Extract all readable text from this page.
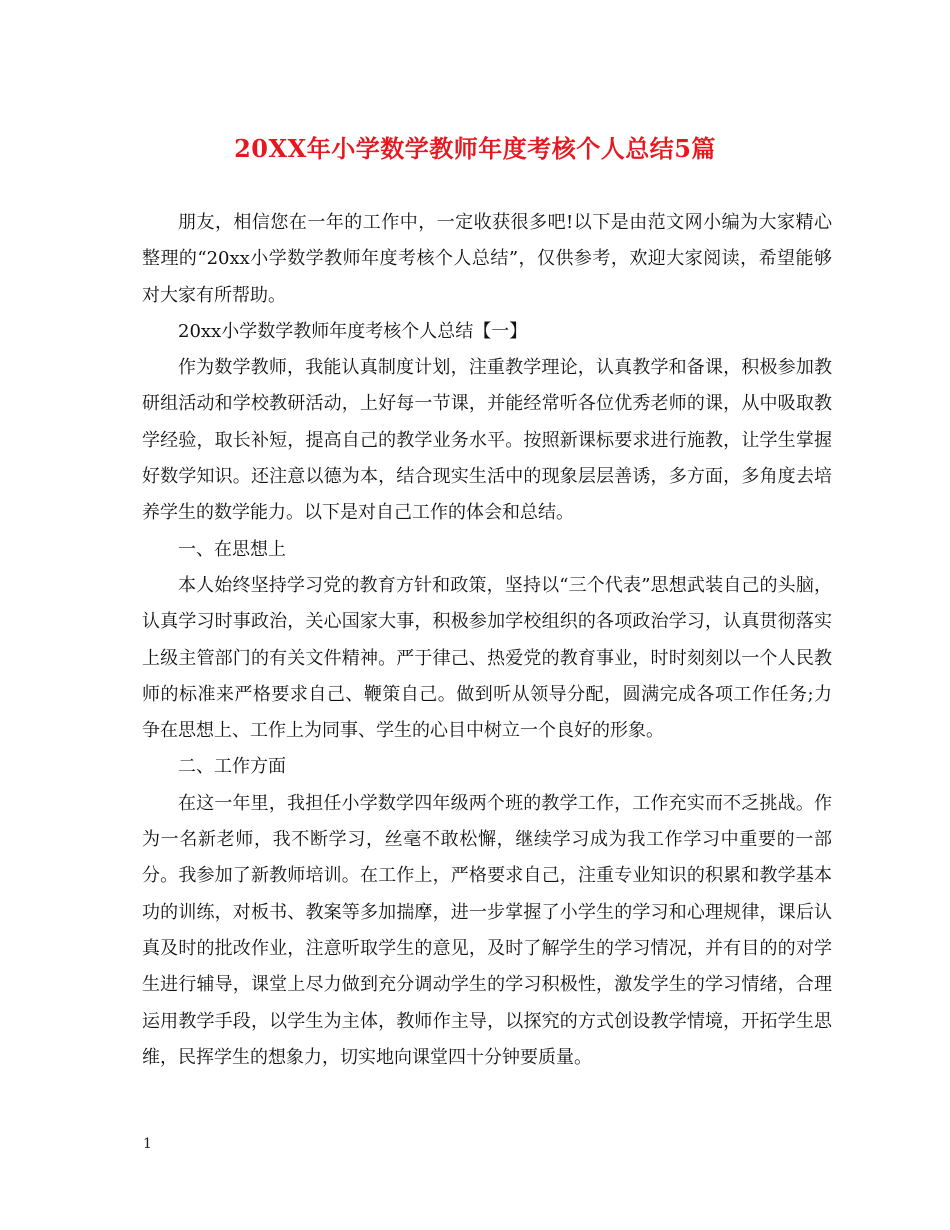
20XX年小学数学教师年度考核个人总结5篇

朋友，相信您在一年的工作中，一定收获很多吧!以下是由范文网小编为大家精心整理的“20xx小学数学教师年度考核个人总结”，仅供参考，欢迎大家阅读，希望能够对大家有所帮助。

20xx小学数学教师年度考核个人总结【一】

作为数学教师，我能认真制度计划，注重教学理论，认真教学和备课，积极参加教研组活动和学校教研活动，上好每一节课，并能经常听各位优秀老师的课，从中吸取教学经验，取长补短，提高自己的教学业务水平。按照新课标要求进行施教，让学生掌握好数学知识。还注意以德为本，结合现实生活中的现象层层善诱，多方面，多角度去培养学生的数学能力。以下是对自己工作的体会和总结。

一、在思想上

本人始终坚持学习党的教育方针和政策，坚持以“三个代表”思想武装自己的头脑，认真学习时事政治，关心国家大事，积极参加学校组织的各项政治学习，认真贯彻落实上级主管部门的有关文件精神。严于律己、热爱党的教育事业，时时刻刻以一个人民教师的标准来严格要求自己、鞭策自己。做到听从领导分配，圆满完成各项工作任务;力争在思想上、工作上为同事、学生的心目中树立一个良好的形象。

二、工作方面

在这一年里，我担任小学数学四年级两个班的教学工作，工作充实而不乏挑战。作为一名新老师，我不断学习，丝毫不敢松懈，继续学习成为我工作学习中重要的一部分。我参加了新教师培训。在工作上，严格要求自己，注重专业知识的积累和教学基本功的训练，对板书、教案等多加揣摩，进一步掌握了小学生的学习和心理规律，课后认真及时的批改作业，注意听取学生的意见，及时了解学生的学习情况，并有目的的对学生进行辅导，课堂上尽力做到充分调动学生的学习积极性，激发学生的学习情绪，合理运用教学手段，以学生为主体，教师作主导，以探究的方式创设教学情境，开拓学生思维，民挥学生的想象力，切实地向课堂四十分钟要质量。

1
